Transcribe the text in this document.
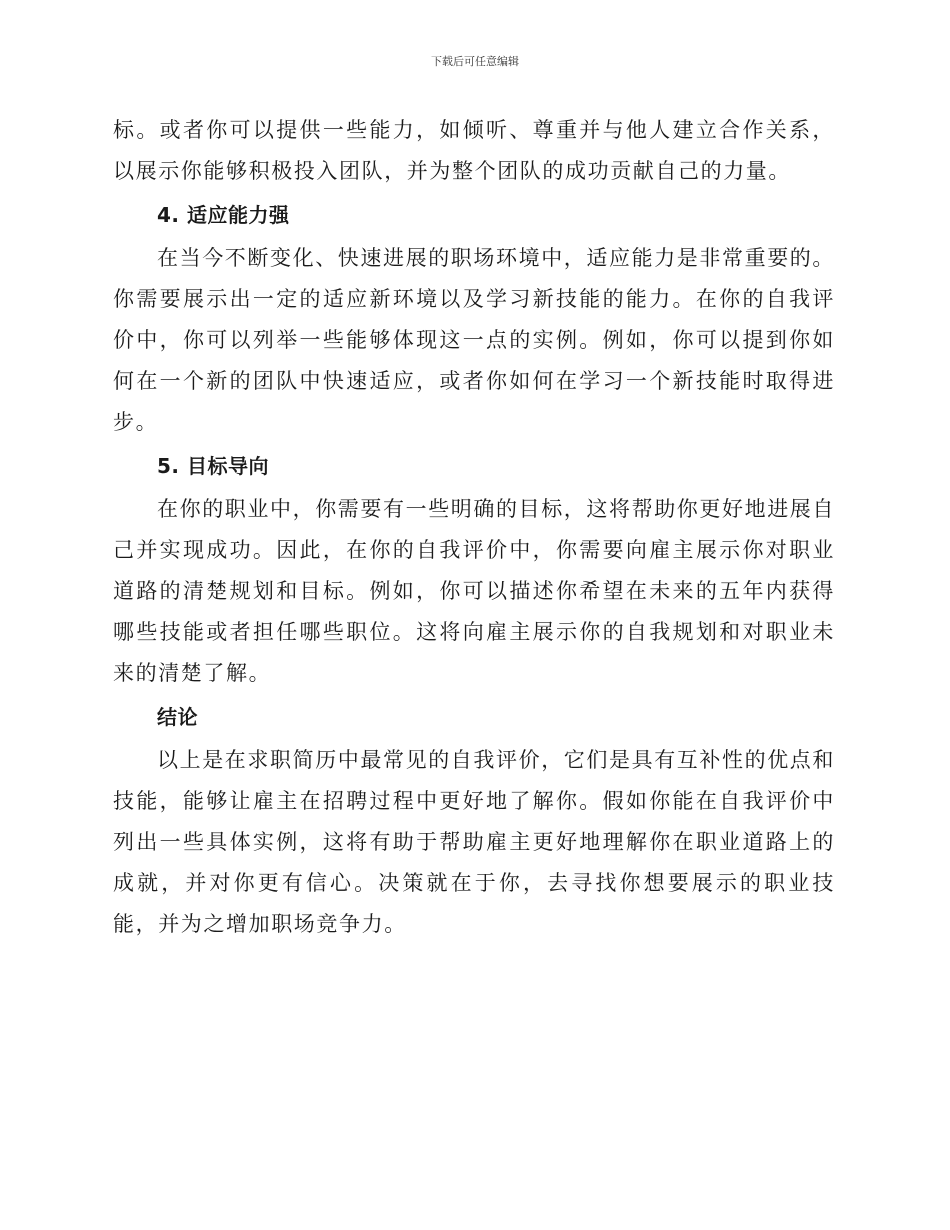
下载后可任意编辑

标。或者你可以提供一些能力，如倾听、尊重并与他人建立合作关系，以展示你能够积极投入团队，并为整个团队的成功贡献自己的力量。

4. 适应能力强

在当今不断变化、快速进展的职场环境中，适应能力是非常重要的。你需要展示出一定的适应新环境以及学习新技能的能力。在你的自我评价中，你可以列举一些能够体现这一点的实例。例如，你可以提到你如何在一个新的团队中快速适应，或者你如何在学习一个新技能时取得进步。

5. 目标导向

在你的职业中，你需要有一些明确的目标，这将帮助你更好地进展自己并实现成功。因此，在你的自我评价中，你需要向雇主展示你对职业道路的清楚规划和目标。例如，你可以描述你希望在未来的五年内获得哪些技能或者担任哪些职位。这将向雇主展示你的自我规划和对职业未来的清楚了解。

结论

以上是在求职简历中最常见的自我评价，它们是具有互补性的优点和技能，能够让雇主在招聘过程中更好地了解你。假如你能在自我评价中列出一些具体实例，这将有助于帮助雇主更好地理解你在职业道路上的成就，并对你更有信心。决策就在于你，去寻找你想要展示的职业技能，并为之增加职场竞争力。
